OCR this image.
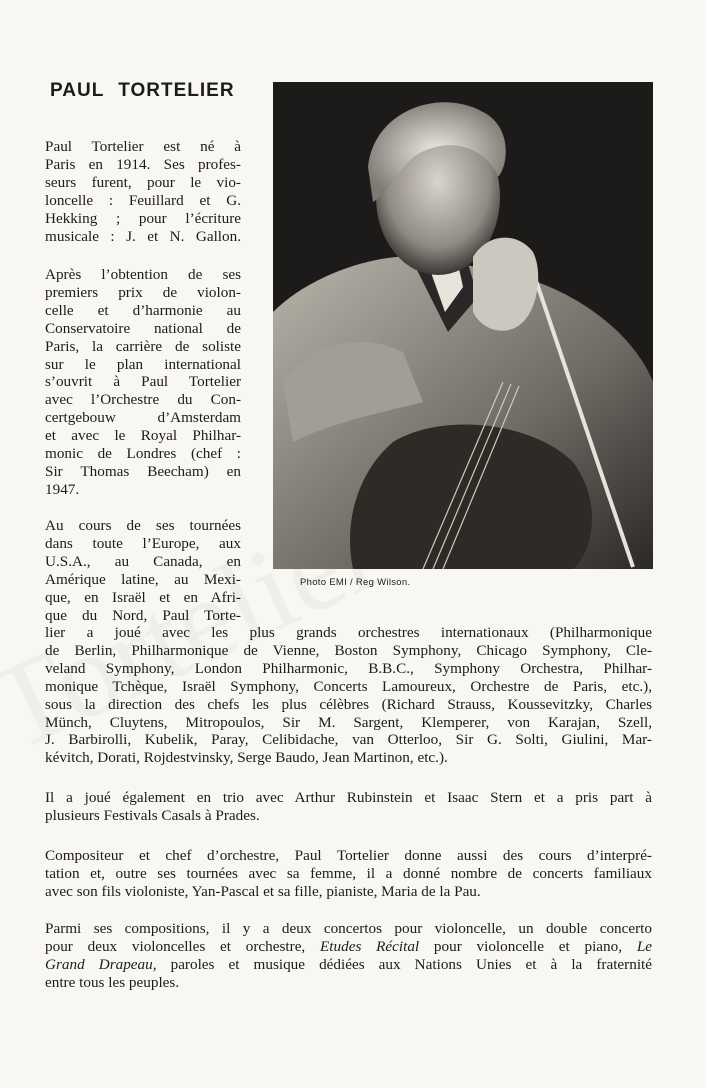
PAUL TORTELIER
Photo EMI / Reg Wilson.

Paul Tortelier est né à
Paris en 1914. Ses profes-
seurs furent, pour le vio-
loncelle : Feuillard et G.
Hekking ; pour l’écriture
musicale : J. et N. Gallon.

Après l’obtention de ses
premiers prix de violon-
celle et d’harmonie au
Conservatoire national de
Paris, la carrière de soliste
sur le plan international
s’ouvrit à Paul Tortelier
avec l’Orchestre du Con-
certgebouw d’Amsterdam
et avec le Royal Philhar-
monic de Londres (chef :
Sir Thomas Beecham) en
1947.

Au cours de ses tournées
dans toute l’Europe, aux
U.S.A., au Canada, en
Amérique latine, au Mexi-
que, en Israël et en Afri-
que du Nord, Paul Torte-

lier a joué avec les plus grands orchestres internationaux (Philharmonique
de Berlin, Philharmonique de Vienne, Boston Symphony, Chicago Symphony, Cle-
veland Symphony, London Philharmonic, B.B.C., Symphony Orchestra, Philhar-
monique Tchèque, Israël Symphony, Concerts Lamoureux, Orchestre de Paris, etc.),
sous la direction des chefs les plus célèbres (Richard Strauss, Koussevitzky, Charles
Münch, Cluytens, Mitropoulos, Sir M. Sargent, Klemperer, von Karajan, Szell,
J. Barbirolli, Kubelik, Paray, Celibidache, van Otterloo, Sir G. Solti, Giulini, Mar-
kévitch, Dorati, Rojdestvinsky, Serge Baudo, Jean Martinon, etc.).

Il a joué également en trio avec Arthur Rubinstein et Isaac Stern et a pris part à
plusieurs Festivals Casals à Prades.

Compositeur et chef d’orchestre, Paul Tortelier donne aussi des cours d’interpré-
tation et, outre ses tournées avec sa femme, il a donné nombre de concerts familiaux
avec son fils violoniste, Yan-Pascal et sa fille, pianiste, Maria de la Pau.

Parmi ses compositions, il y a deux concertos pour violoncelle, un double concerto
pour deux violoncelles et orchestre, Etudes Récital pour violoncelle et piano, Le
Grand Drapeau, paroles et musique dédiées aux Nations Unies et à la fraternité
entre tous les peuples.
